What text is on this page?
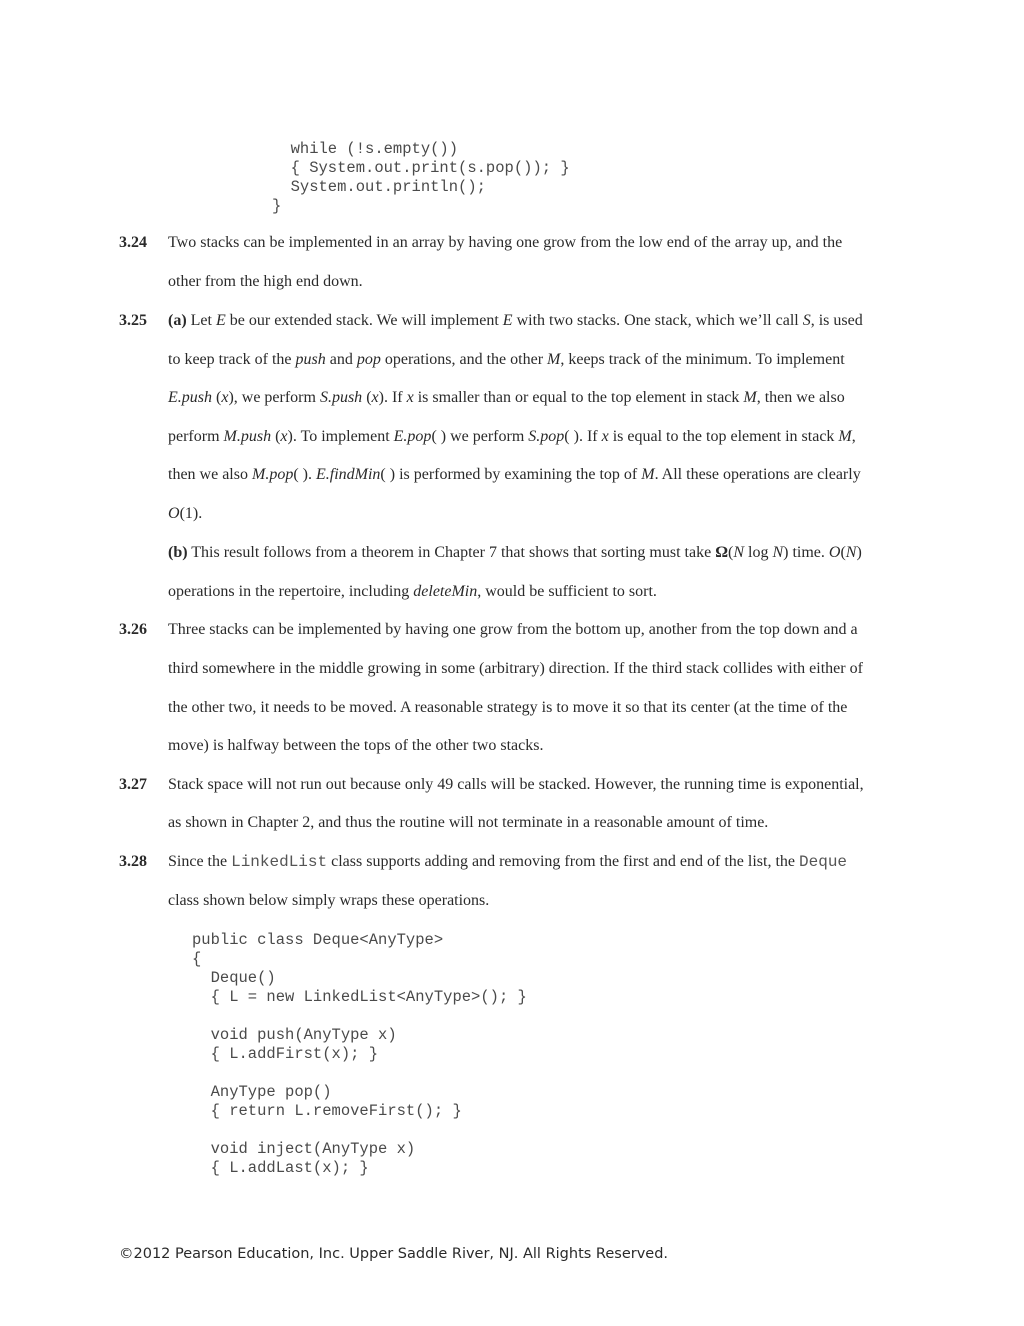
while (!s.empty())
{ System.out.print(s.pop()); }
System.out.println();
}
3.24 Two stacks can be implemented in an array by having one grow from the low end of the array up, and the
other from the high end down.
3.25 (a) Let E be our extended stack. We will implement E with two stacks. One stack, which we’ll call S, is used
to keep track of the push and pop operations, and the other M, keeps track of the minimum. To implement
E.push (x), we perform S.push (x). If x is smaller than or equal to the top element in stack M, then we also
perform M.push (x). To implement E.pop( ) we perform S.pop( ). If x is equal to the top element in stack M,
then we also M.pop( ). E.findMin( ) is performed by examining the top of M. All these operations are clearly
O(1).
(b) This result follows from a theorem in Chapter 7 that shows that sorting must take Ω(N log N) time. O(N)
operations in the repertoire, including deleteMin, would be sufficient to sort.
3.26 Three stacks can be implemented by having one grow from the bottom up, another from the top down and a
third somewhere in the middle growing in some (arbitrary) direction. If the third stack collides with either of
the other two, it needs to be moved. A reasonable strategy is to move it so that its center (at the time of the
move) is halfway between the tops of the other two stacks.
3.27 Stack space will not run out because only 49 calls will be stacked. However, the running time is exponential,
as shown in Chapter 2, and thus the routine will not terminate in a reasonable amount of time.
3.28 Since the LinkedList class supports adding and removing from the first and end of the list, the Deque
class shown below simply wraps these operations.
public class Deque<AnyType>
{
Deque()
{ L = new LinkedList<AnyType>(); }

void push(AnyType x)
{ L.addFirst(x); }

AnyType pop()
{ return L.removeFirst(); }

void inject(AnyType x)
{ L.addLast(x); }
©2012 Pearson Education, Inc. Upper Saddle River, NJ. All Rights Reserved.
